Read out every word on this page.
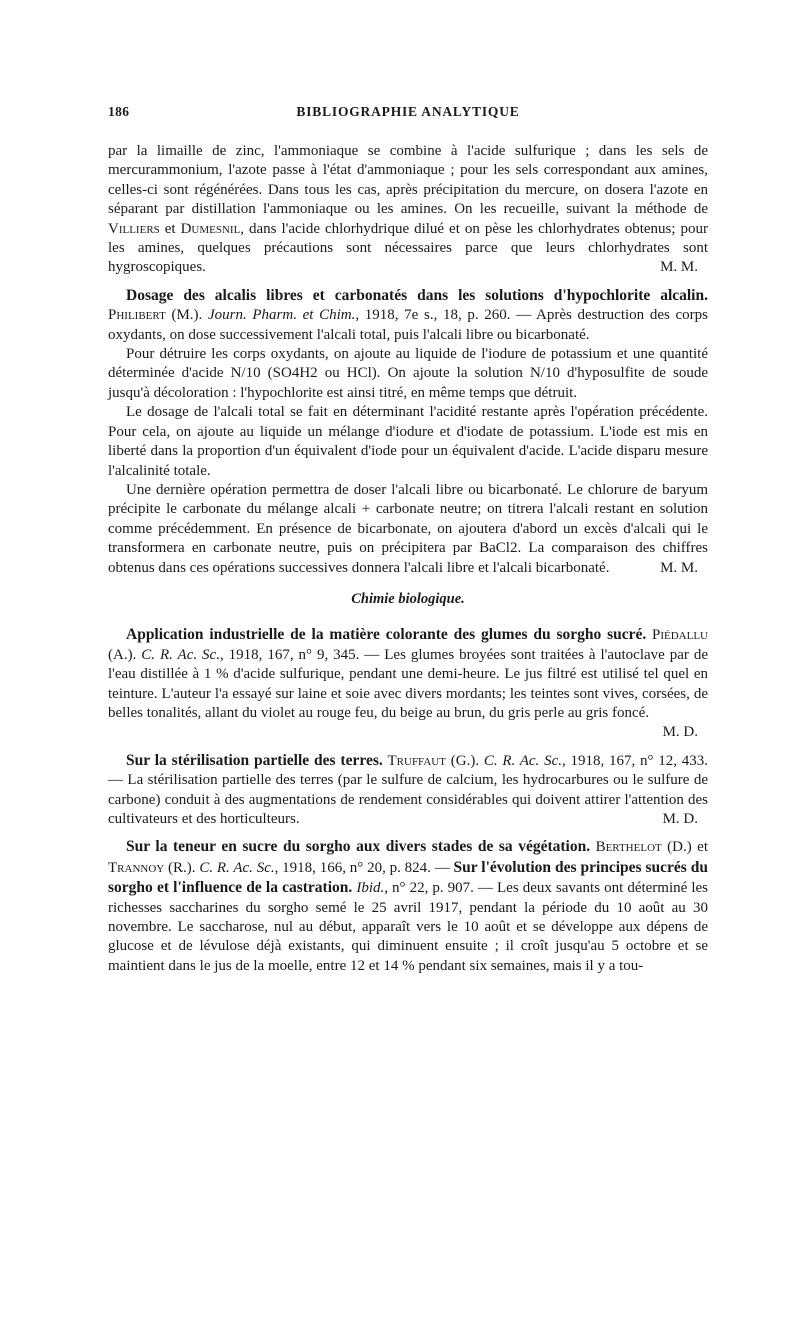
186	BIBLIOGRAPHIE ANALYTIQUE

par la limaille de zinc, l'ammoniaque se combine à l'acide sulfurique ; dans les sels de mercurammonium, l'azote passe à l'état d'ammoniaque ; pour les sels correspondant aux amines, celles-ci sont régénérées. Dans tous les cas, après précipitation du mercure, on dosera l'azote en séparant par distillation l'ammoniaque ou les amines. On les recueille, suivant la méthode de Villiers et Dumesnil, dans l'acide chlorhydrique dilué et on pèse les chlorhydrates obtenus; pour les amines, quelques précautions sont nécessaires parce que leurs chlorhydrates sont hygroscopiques.	M. M.

Dosage des alcalis libres et carbonatés dans les solutions d'hypochlorite alcalin. Philibert (M.). Journ. Pharm. et Chim., 1918, 7e s., 18, p. 260. — Après destruction des corps oxydants, on dose successivement l'alcali total, puis l'alcali libre ou bicarbonaté.

Pour détruire les corps oxydants, on ajoute au liquide de l'iodure de potassium et une quantité déterminée d'acide N/10 (SO4H2 ou HCl). On ajoute la solution N/10 d'hyposulfite de soude jusqu'à décoloration : l'hypochlorite est ainsi titré, en même temps que détruit.

Le dosage de l'alcali total se fait en déterminant l'acidité restante après l'opération précédente. Pour cela, on ajoute au liquide un mélange d'iodure et d'iodate de potassium. L'iode est mis en liberté dans la proportion d'un équivalent d'iode pour un équivalent d'acide. L'acide disparu mesure l'alcalinité totale.

Une dernière opération permettra de doser l'alcali libre ou bicarbonaté. Le chlorure de baryum précipite le carbonate du mélange alcali + carbonate neutre; on titrera l'alcali restant en solution comme précédemment. En présence de bicarbonate, on ajoutera d'abord un excès d'alcali qui le transformera en carbonate neutre, puis on précipitera par BaCl2. La comparaison des chiffres obtenus dans ces opérations successives donnera l'alcali libre et l'alcali bicarbonaté.	M. M.

Chimie biologique.

Application industrielle de la matière colorante des glumes du sorgho sucré. Piédallu (A.). C. R. Ac. Sc., 1918, 167, n° 9, 345. — Les glumes broyées sont traitées à l'autoclave par de l'eau distillée à 1 % d'acide sulfurique, pendant une demi-heure. Le jus filtré est utilisé tel quel en teinture. L'auteur l'a essayé sur laine et soie avec divers mordants; les teintes sont vives, corsées, de belles tonalités, allant du violet au rouge feu, du beige au brun, du gris perle au gris foncé.
M. D.

Sur la stérilisation partielle des terres. Truffaut (G.). C. R. Ac. Sc., 1918, 167, n° 12, 433. — La stérilisation partielle des terres (par le sulfure de calcium, les hydrocarbures ou le sulfure de carbone) conduit à des augmentations de rendement considérables qui doivent attirer l'attention des cultivateurs et des horticulteurs.	M. D.

Sur la teneur en sucre du sorgho aux divers stades de sa végétation. Berthelot (D.) et Trannoy (R.). C. R. Ac. Sc., 1918, 166, n° 20, p. 824. — Sur l'évolution des principes sucrés du sorgho et l'influence de la castration. Ibid., n° 22, p. 907. — Les deux savants ont déterminé les richesses saccharines du sorgho semé le 25 avril 1917, pendant la période du 10 août au 30 novembre. Le saccharose, nul au début, apparaît vers le 10 août et se développe aux dépens de glucose et de lévulose déjà existants, qui diminuent ensuite ; il croît jusqu'au 5 octobre et se maintient dans le jus de la moelle, entre 12 et 14 % pendant six semaines, mais il y a tou-
